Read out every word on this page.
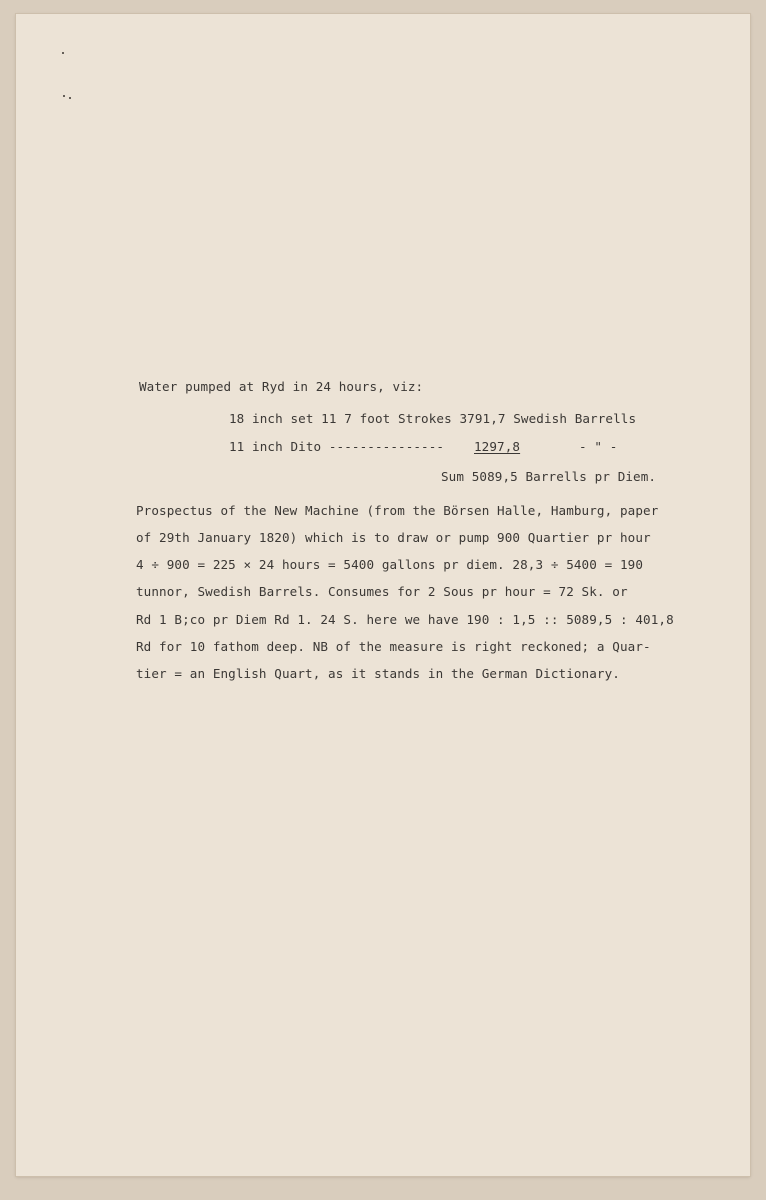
Water pumped at Ryd in 24 hours, viz:
18 inch set 11 7 foot Strokes 3791,7 Swedish Barrells
11 inch Dito --------------- 1297,8	- " -
Sum 5089,5 Barrells pr Diem.
Prospectus of the New Machine (from the Börsen Halle, Hamburg, paper
of 29th January 1820) which is to draw or pump 900 Quartier pr hour
4 ÷ 900 = 225 × 24 hours = 5400 gallons pr diem. 28,3 ÷ 5400 = 190
tunnor, Swedish Barrels. Consumes for 2 Sous pr hour = 72 Sk. or
Rd 1 B;co pr Diem Rd 1. 24 S. here we have 190 : 1,5 :: 5089,5 : 401,8
Rd for 10 fathom deep. NB of the measure is right reckoned; a Quar-
tier = an English Quart, as it stands in the German Dictionary.
